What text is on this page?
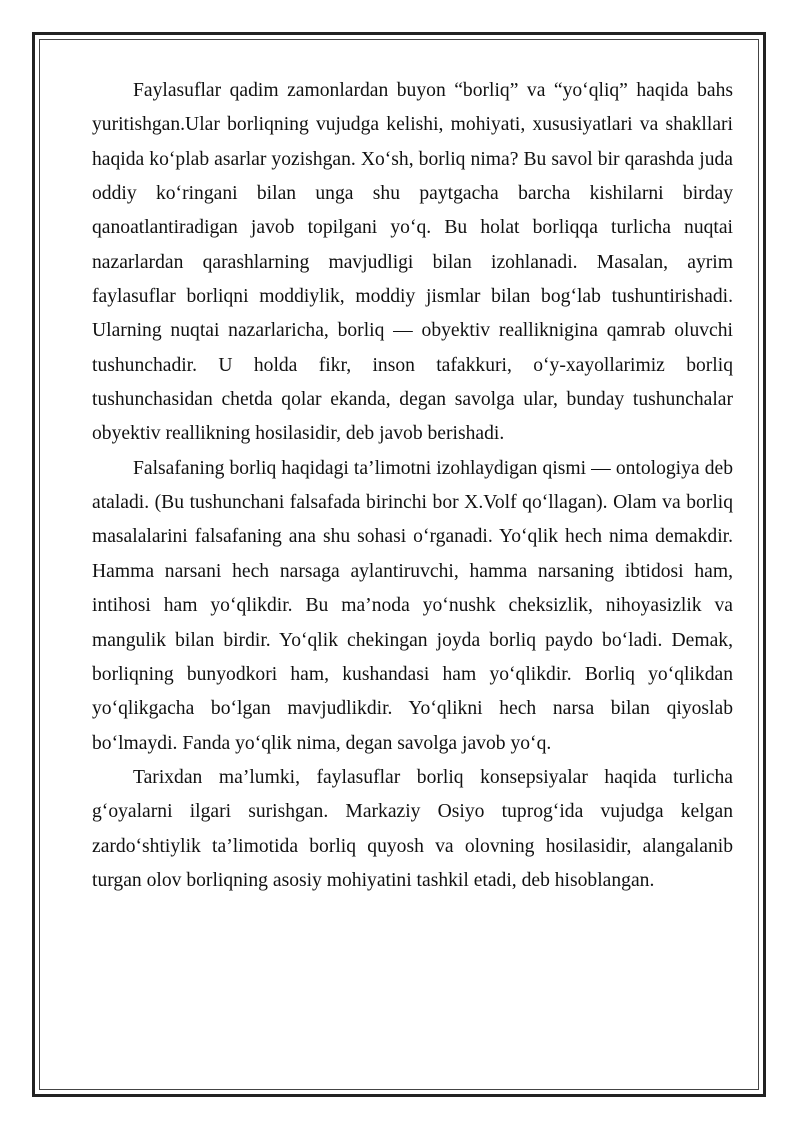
Faylasuflar qadim zamonlardan buyon “borliq” va “yo‘qliq” haqida bahs yuritishgan.Ular borliqning vujudga kelishi, mohiyati, xususiyatlari va shakllari haqida ko‘plab asarlar yozishgan. Xo‘sh, borliq nima? Bu savol bir qarashda juda oddiy ko‘ringani bilan unga shu paytgacha barcha kishilarni birday qanoatlantiradigan javob topilgani yo‘q. Bu holat borliqqa turlicha nuqtai nazarlardan qarashlarning mavjudligi bilan izohlanadi. Masalan, ayrim faylasuflar borliqni moddiylik, moddiy jismlar bilan bog‘lab tushuntirishadi. Ularning nuqtai nazarlaricha, borliq — obyektiv reallikniginа qamrab oluvchi tushunchadir. U holda fikr, inson tafakkuri, o‘y-xayollarimiz borliq tushunchasidan chetda qolar ekanda, degan savolga ular, bunday tushunchalar obyektiv reallikning hosilasidir, deb javob berishadi.

Falsafaning borliq haqidagi ta’limotni izohlaydigan qismi — ontologiya deb ataladi. (Bu tushunchani falsafada birinchi bor X.Volf qo‘llagan). Olam va borliq masalalarini falsafaning ana shu sohasi o‘rganadi. Yo‘qlik hech nima demakdir. Hamma narsani hech narsaga aylantiruvchi, hamma narsaning ibtidosi ham, intihosi ham yo‘qlikdir. Bu ma’noda yo‘nushk cheksizlik, nihoyasizlik va mangulik bilan birdir. Yo‘qlik chekingan joyda borliq paydo bo‘ladi. Demak, borliqning bunyodkori ham, kushandasi ham yo‘qlikdir. Borliq yo‘qlikdan yo‘qlikgacha bo‘lgan mavjudlikdir. Yo‘qlikni hech narsa bilan qiyoslab bo‘lmaydi. Fanda yo‘qlik nima, degan savolga javob yo‘q.

Tarixdan ma’lumki, faylasuflar borliq konsepsiyalar haqida turlicha g‘oyalarni ilgari surishgan. Markaziy Osiyo tuprog‘ida vujudga kelgan zardo‘shtiylik ta’limotida borliq quyosh va olovning hosilasidir, alangalanib turgan olov borliqning asosiy mohiyatini tashkil etadi, deb hisoblangan.
